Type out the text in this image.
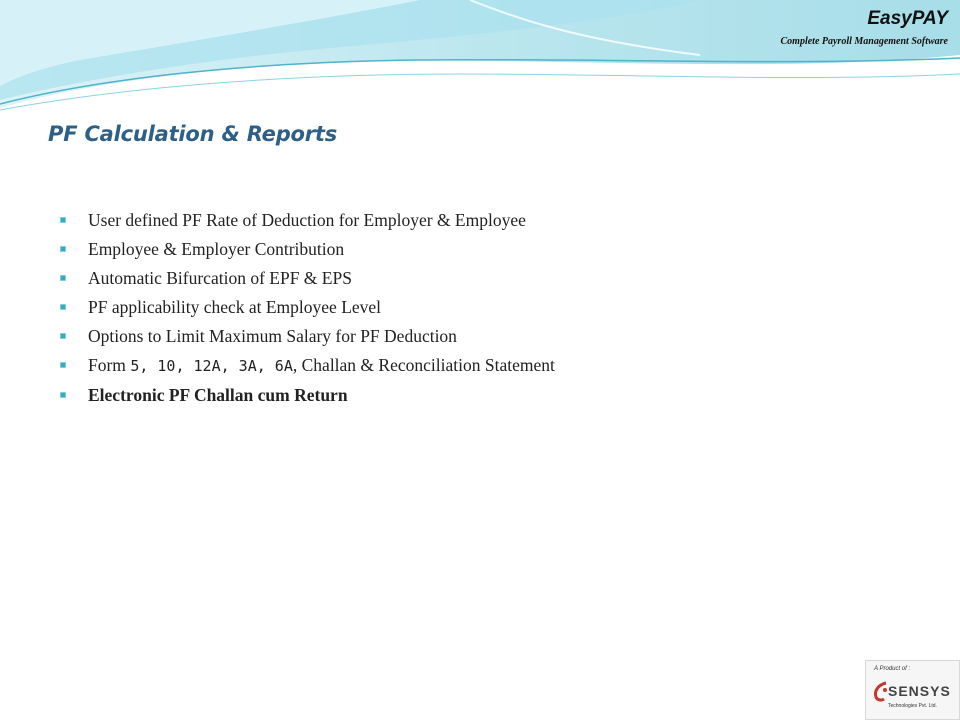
EasyPAY
Complete Payroll Management Software
PF Calculation & Reports
User defined PF Rate of Deduction for Employer & Employee
Employee & Employer Contribution
Automatic Bifurcation of EPF & EPS
PF applicability check at Employee Level
Options to Limit Maximum Salary for PF Deduction
Form 5, 10, 12A, 3A, 6A, Challan & Reconciliation Statement
Electronic PF Challan cum Return
A Product of :
SENSYS
Technologies Pvt. Ltd.
